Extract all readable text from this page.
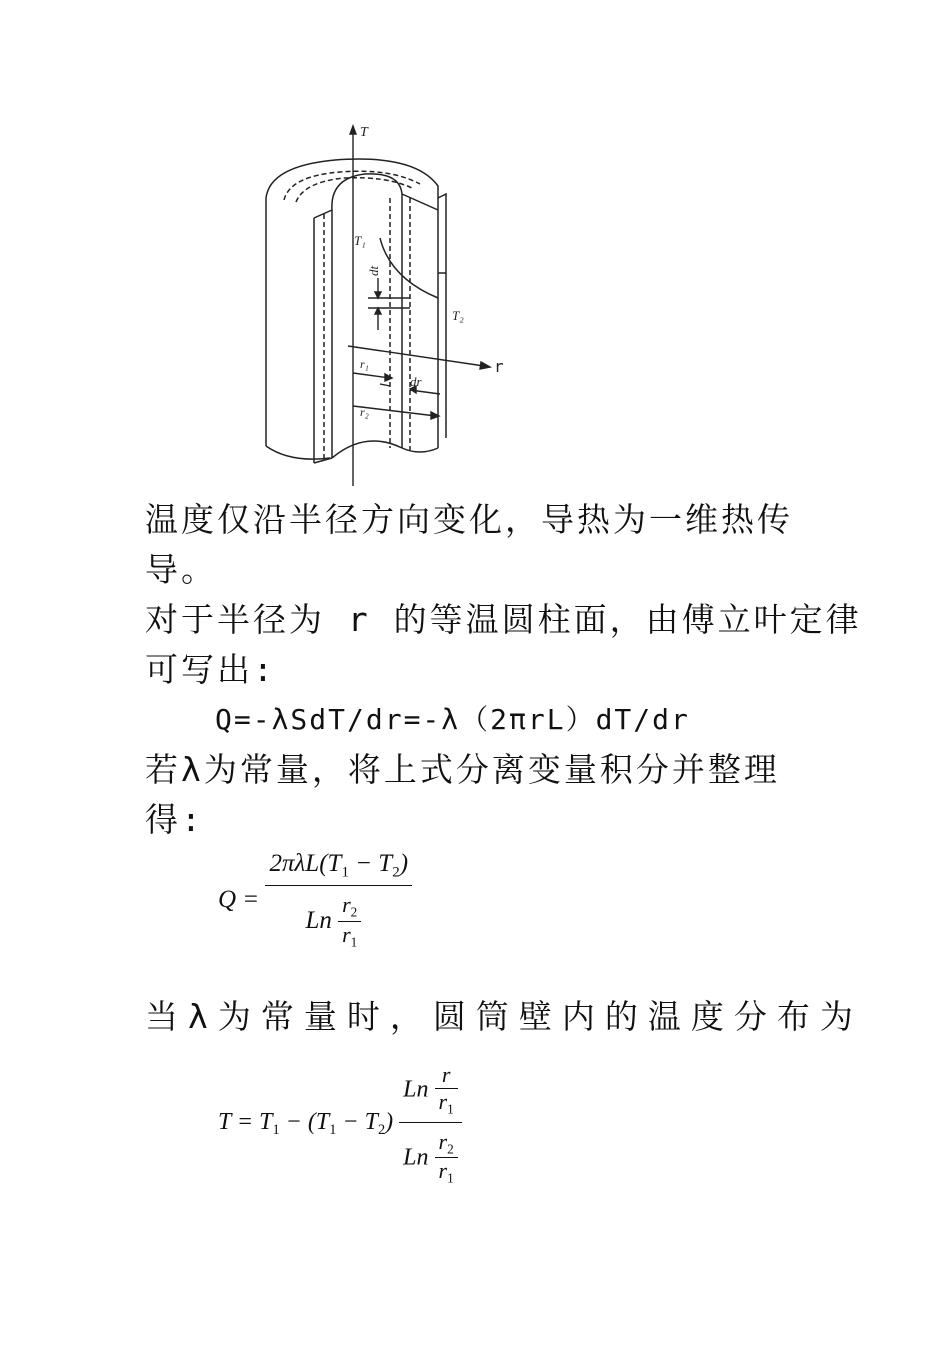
T
T₁
T₂
dt
r₁
dr
r₂
r
温度仅沿半径方向变化，导热为一维热传
导。
对于半径为 r 的等温圆柱面，由傅立叶定律
可写出:
Q=-λSdT/dr=-λ（2πrL）dT/dr
若λ为常量，将上式分离变量积分并整理
得:
$Q = \frac{2\pi\lambda L(T_1 - T_2)}{Ln \frac{r_2}{r_1}}$
当λ为常量时，圆筒壁内的温度分布为
$T = T_1 - (T_1 - T_2) \frac{Ln \frac{r}{r_1}}{Ln \frac{r_2}{r_1}}$
